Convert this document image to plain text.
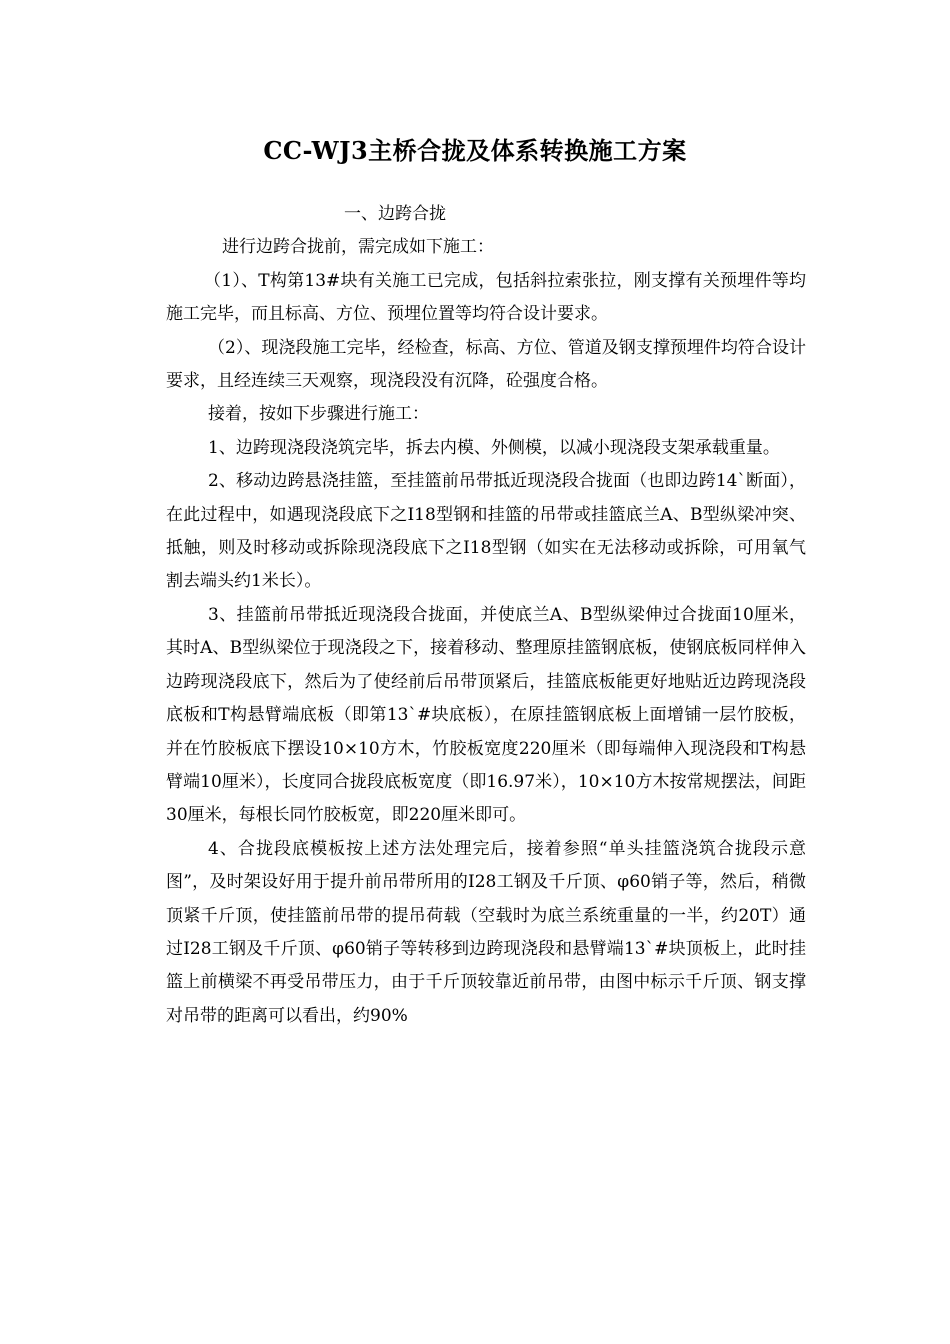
CC-WJ3主桥合拢及体系转换施工方案

一、边跨合拢

进行边跨合拢前，需完成如下施工：

（1）、T构第13#块有关施工已完成，包括斜拉索张拉，刚支撑有关预埋件等均施工完毕，而且标高、方位、预埋位置等均符合设计要求。

（2）、现浇段施工完毕，经检查，标高、方位、管道及钢支撑预埋件均符合设计要求，且经连续三天观察，现浇段没有沉降，砼强度合格。

接着，按如下步骤进行施工：

1、边跨现浇段浇筑完毕，拆去内模、外侧模，以减小现浇段支架承载重量。

2、移动边跨悬浇挂篮，至挂篮前吊带抵近现浇段合拢面（也即边跨14`断面），在此过程中，如遇现浇段底下之I18型钢和挂篮的吊带或挂篮底兰A、B型纵梁冲突、抵触，则及时移动或拆除现浇段底下之I18型钢（如实在无法移动或拆除，可用氧气割去端头约1米长）。

3、挂篮前吊带抵近现浇段合拢面，并使底兰A、B型纵梁伸过合拢面10厘米，其时A、B型纵梁位于现浇段之下，接着移动、整理原挂篮钢底板，使钢底板同样伸入边跨现浇段底下，然后为了使经前后吊带顶紧后，挂篮底板能更好地贴近边跨现浇段底板和T构悬臂端底板（即第13`#块底板），在原挂篮钢底板上面增铺一层竹胶板，并在竹胶板底下摆设10×10方木，竹胶板宽度220厘米（即每端伸入现浇段和T构悬臂端10厘米），长度同合拢段底板宽度（即16.97米），10×10方木按常规摆法，间距30厘米，每根长同竹胶板宽，即220厘米即可。

4、合拢段底模板按上述方法处理完后，接着参照“单头挂篮浇筑合拢段示意图”，及时架设好用于提升前吊带所用的I28工钢及千斤顶、φ60销子等，然后，稍微顶紧千斤顶，使挂篮前吊带的提吊荷载（空载时为底兰系统重量的一半，约20T）通过I28工钢及千斤顶、φ60销子等转移到边跨现浇段和悬臂端13`#块顶板上，此时挂篮上前横梁不再受吊带压力，由于千斤顶较靠近前吊带，由图中标示千斤顶、钢支撑对吊带的距离可以看出，约90%
